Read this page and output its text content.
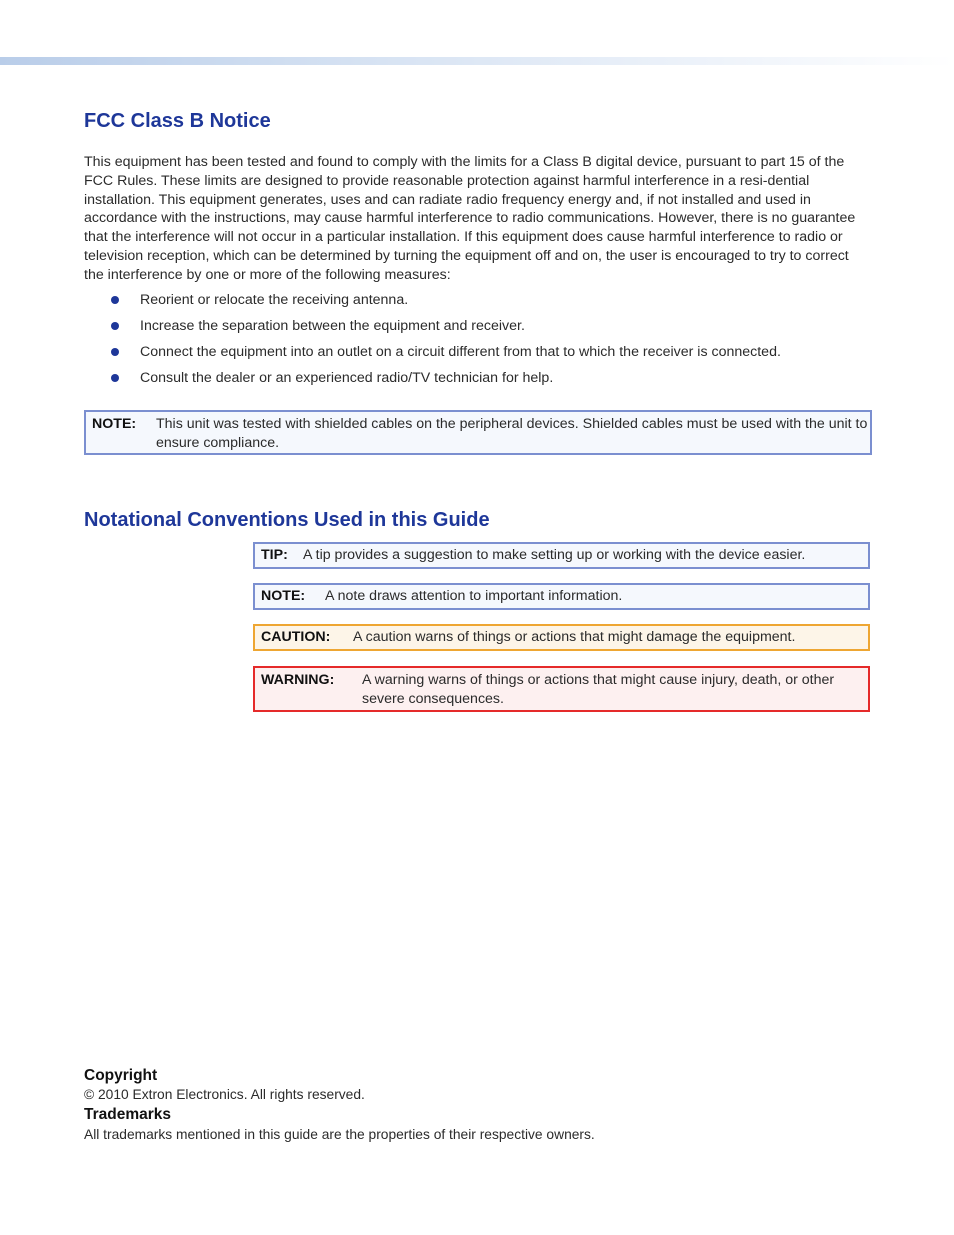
FCC Class B Notice

This equipment has been tested and found to comply with the limits for a Class B digital device, pursuant to part 15 of the FCC Rules. These limits are designed to provide reasonable protection against harmful interference in a resi-dential installation. This equipment generates, uses and can radiate radio frequency energy and, if not installed and used in accordance with the instructions, may cause harmful interference to radio communications. However, there is no guarantee that the interference will not occur in a particular installation. If this equipment does cause harmful interference to radio or television reception, which can be determined by turning the equipment off and on, the user is encouraged to try to correct the interference by one or more of the following measures:

Reorient or relocate the receiving antenna.
Increase the separation between the equipment and receiver.
Connect the equipment into an outlet on a circuit different from that to which the receiver is connected.
Consult the dealer or an experienced radio/TV technician for help.
NOTE: This unit was tested with shielded cables on the peripheral devices. Shielded cables must be used with the unit to ensure compliance.
Notational Conventions Used in this Guide
TIP: A tip provides a suggestion to make setting up or working with the device easier.
NOTE: A note draws attention to important information.
CAUTION: A caution warns of things or actions that might damage the equipment.
WARNING: A warning warns of things or actions that might cause injury, death, or other severe consequences.
Copyright

© 2010 Extron Electronics. All rights reserved.

Trademarks

All trademarks mentioned in this guide are the properties of their respective owners.
